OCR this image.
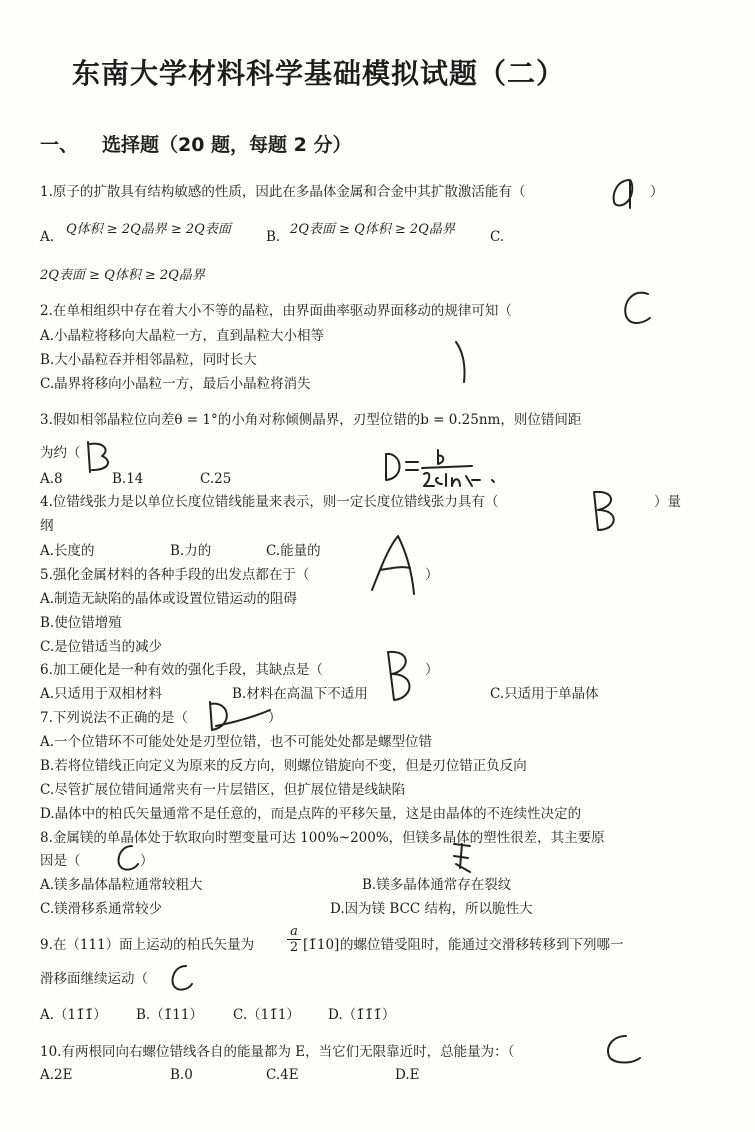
东南大学材料科学基础模拟试题（二）
一、 选择题（20 题，每题 2 分）
1.原子的扩散具有结构敏感的性质，因此在多晶体金属和合金中其扩散激活能有（	）
A. Q体积 ≥ 2Q晶界 ≥ 2Q表面	B. 2Q表面 ≥ Q体积 ≥ 2Q晶界	C.
2Q表面 ≥ Q体积 ≥ 2Q晶界
2.在单相组织中存在着大小不等的晶粒，由界面曲率驱动界面移动的规律可知（
A.小晶粒将移向大晶粒一方，直到晶粒大小相等
B.大小晶粒吞并相邻晶粒，同时长大
C.晶界将移向小晶粒一方，最后小晶粒将消失
3.假如相邻晶粒位向差θ = 1°的小角对称倾侧晶界，刃型位错的b = 0.25nm，则位错间距
为约（
A.8	B.14	C.25
4.位错线张力是以单位长度位错线能量来表示，则一定长度位错线张力具有（	）量
纲
A.长度的	B.力的	C.能量的
5.强化金属材料的各种手段的出发点都在于（	）
A.制造无缺陷的晶体或设置位错运动的阻碍
B.使位错增殖
C.是位错适当的减少
6.加工硬化是一种有效的强化手段，其缺点是（	）
A.只适用于双相材料	B.材料在高温下不适用	C.只适用于单晶体
7.下列说法不正确的是（	）
A.一个位错环不可能处处是刃型位错，也不可能处处都是螺型位错
B.若将位错线正向定义为原来的反方向，则螺位错旋向不变，但是刃位错正负反向
C.尽管扩展位错间通常夹有一片层错区，但扩展位错是线缺陷
D.晶体中的柏氏矢量通常不是任意的，而是点阵的平移矢量，这是由晶体的不连续性决定的
8.金属镁的单晶体处于软取向时塑变量可达 100%~200%，但镁多晶体的塑性很差，其主要原
因是（	）
A.镁多晶体晶粒通常较粗大	B.镁多晶体通常存在裂纹
C.镁滑移系通常较少	D.因为镁 BCC 结构，所以脆性大
9.在（111）面上运动的柏氏矢量为	$\frac{a}{2}$ [1̄10] 的螺位错受阻时，能通过交滑移转移到下列哪一
滑移面继续运动（
A.（11̄1̄） B.（1̄11） C.（11̄1） D.（1̄1̄1̄）
10.有两根同向右螺位错线各自的能量都为 E，当它们无限靠近时，总能量为：（
A.2E	B.0	C.4E	D.E
